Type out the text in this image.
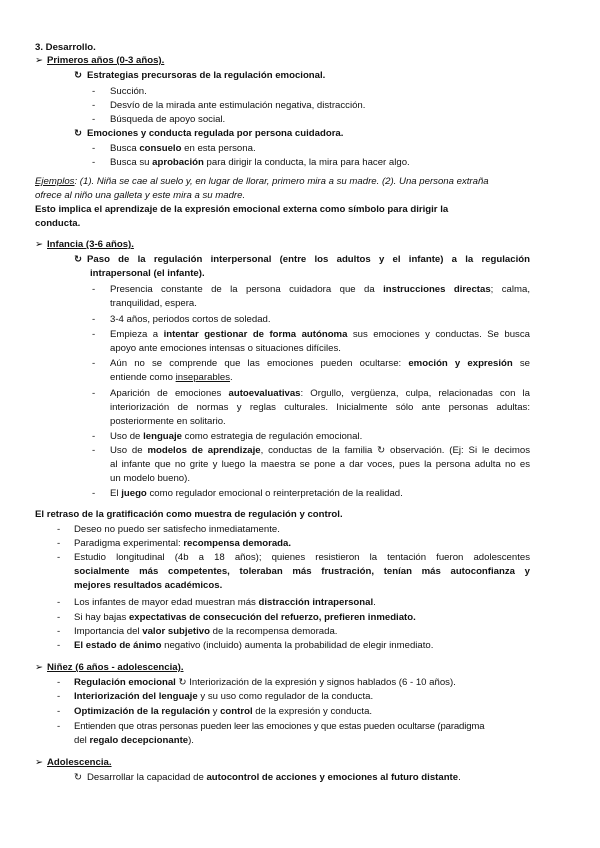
3. Desarrollo.
➢ Primeros años (0-3 años).
↻ Estrategias precursoras de la regulación emocional.
- Succión.
- Desvío de la mirada ante estimulación negativa, distracción.
- Búsqueda de apoyo social.
↻ Emociones y conducta regulada por persona cuidadora.
- Busca consuelo en esta persona.
- Busca su aprobación para dirigir la conducta, la mira para hacer algo.
Ejemplos: (1). Niña se cae al suelo y, en lugar de llorar, primero mira a su madre. (2). Una persona extraña
ofrece al niño una galleta y este mira a su madre.
Esto implica el aprendizaje de la expresión emocional externa como símbolo para dirigir la
conducta.
➢ Infancia (3-6 años).
↻ Paso de la regulación interpersonal (entre los adultos y el infante) a la regulación
intrapersonal (el infante).
- Presencia constante de la persona cuidadora que da instrucciones directas; calma,
tranquilidad, espera.
- 3-4 años, periodos cortos de soledad.
- Empieza a intentar gestionar de forma autónoma sus emociones y conductas. Se busca
apoyo ante emociones intensas o situaciones difíciles.
- Aún no se comprende que las emociones pueden ocultarse: emoción y expresión se
entiende como inseparables.
- Aparición de emociones autoevaluativas: Orgullo, vergüenza, culpa, relacionadas con la
interiorización de normas y reglas culturales. Inicialmente sólo ante personas adultas:
posteriormente en solitario.
- Uso de lenguaje como estrategia de regulación emocional.
- Uso de modelos de aprendizaje, conductas de la familia ↻ observación. (Ej: Si le decimos
al infante que no grite y luego la maestra se pone a dar voces, pues la persona adulta no es
un modelo bueno).
- El juego como regulador emocional o reinterpretación de la realidad.
El retraso de la gratificación como muestra de regulación y control.
- Deseo no puedo ser satisfecho inmediatamente.
- Paradigma experimental: recompensa demorada.
- Estudio longitudinal (4b a 18 años); quienes resistieron la tentación fueron adolescentes
socialmente más competentes, toleraban más frustración, tenían más autoconfianza y
mejores resultados académicos.
- Los infantes de mayor edad muestran más distracción intrapersonal.
- Si hay bajas expectativas de consecución del refuerzo, prefieren inmediato.
- Importancia del valor subjetivo de la recompensa demorada.
- El estado de ánimo negativo (incluido) aumenta la probabilidad de elegir inmediato.
➢ Niñez (6 años - adolescencia).
- Regulación emocional ↻ Interiorización de la expresión y signos hablados (6 - 10 años).
- Interiorización del lenguaje y su uso como regulador de la conducta.
- Optimización de la regulación y control de la expresión y conducta.
- Entienden que otras personas pueden leer las emociones y que estas pueden ocultarse (paradigma
del regalo decepcionante).
➢ Adolescencia.
↻ Desarrollar la capacidad de autocontrol de acciones y emociones al futuro distante.
